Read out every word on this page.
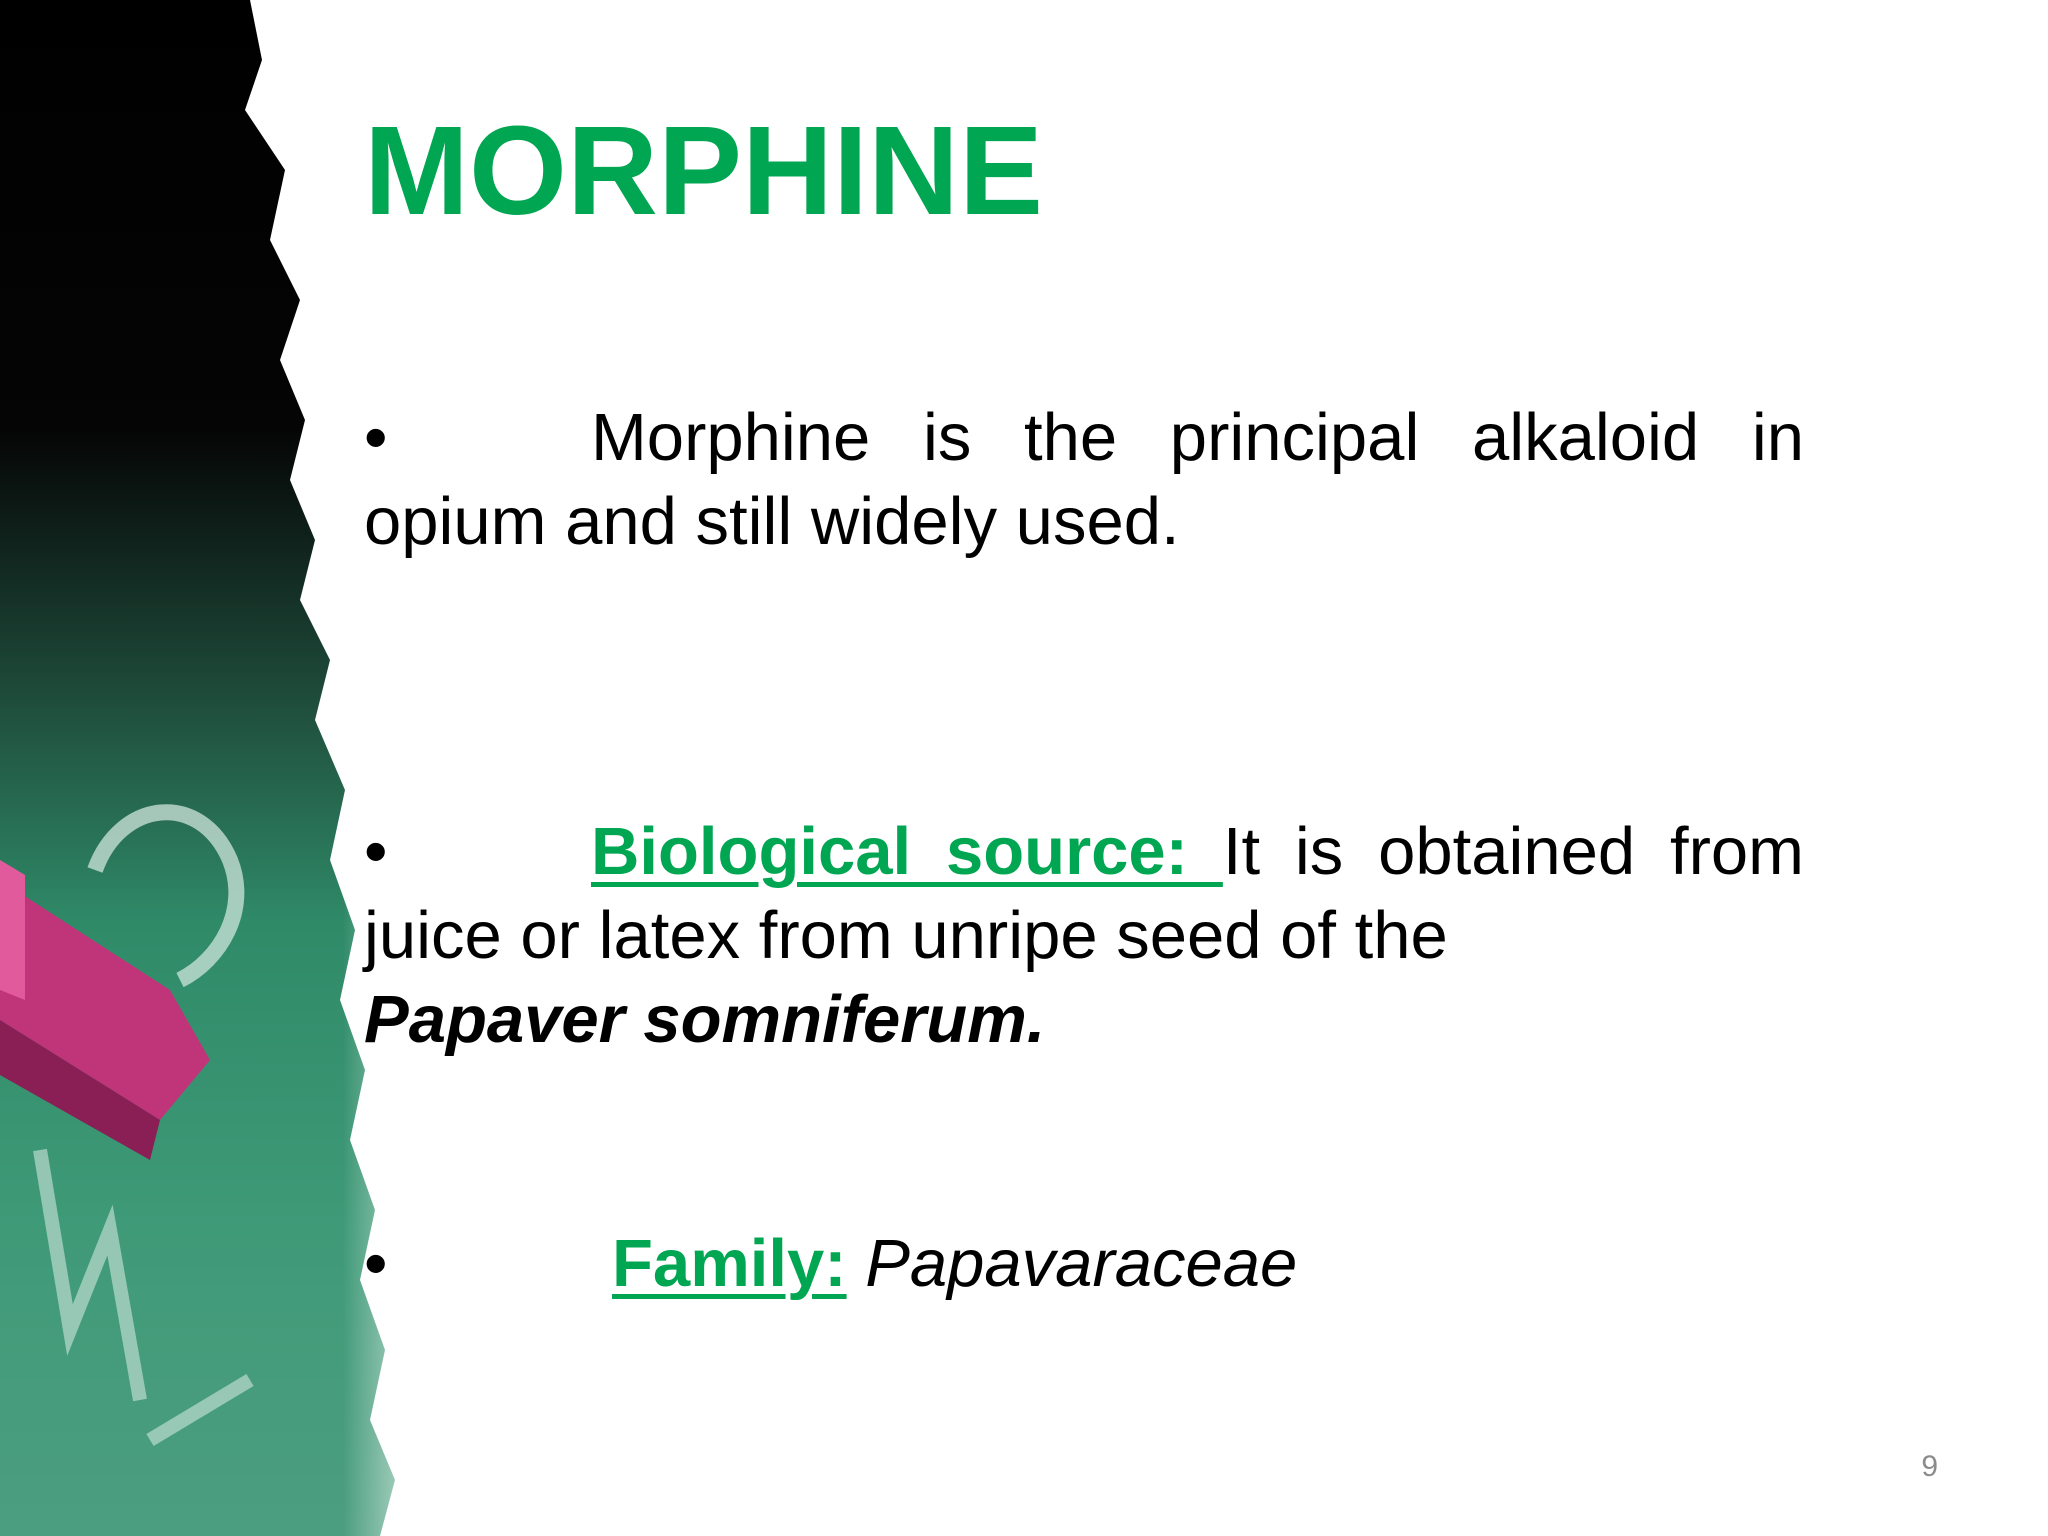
MORPHINE

•	Morphine is the principal alkaloid in opium and still widely used.

•	Biological source: It is obtained from juice or latex from unripe seed of the
Papaver somniferum.

•	Family: Papavaraceae

9
